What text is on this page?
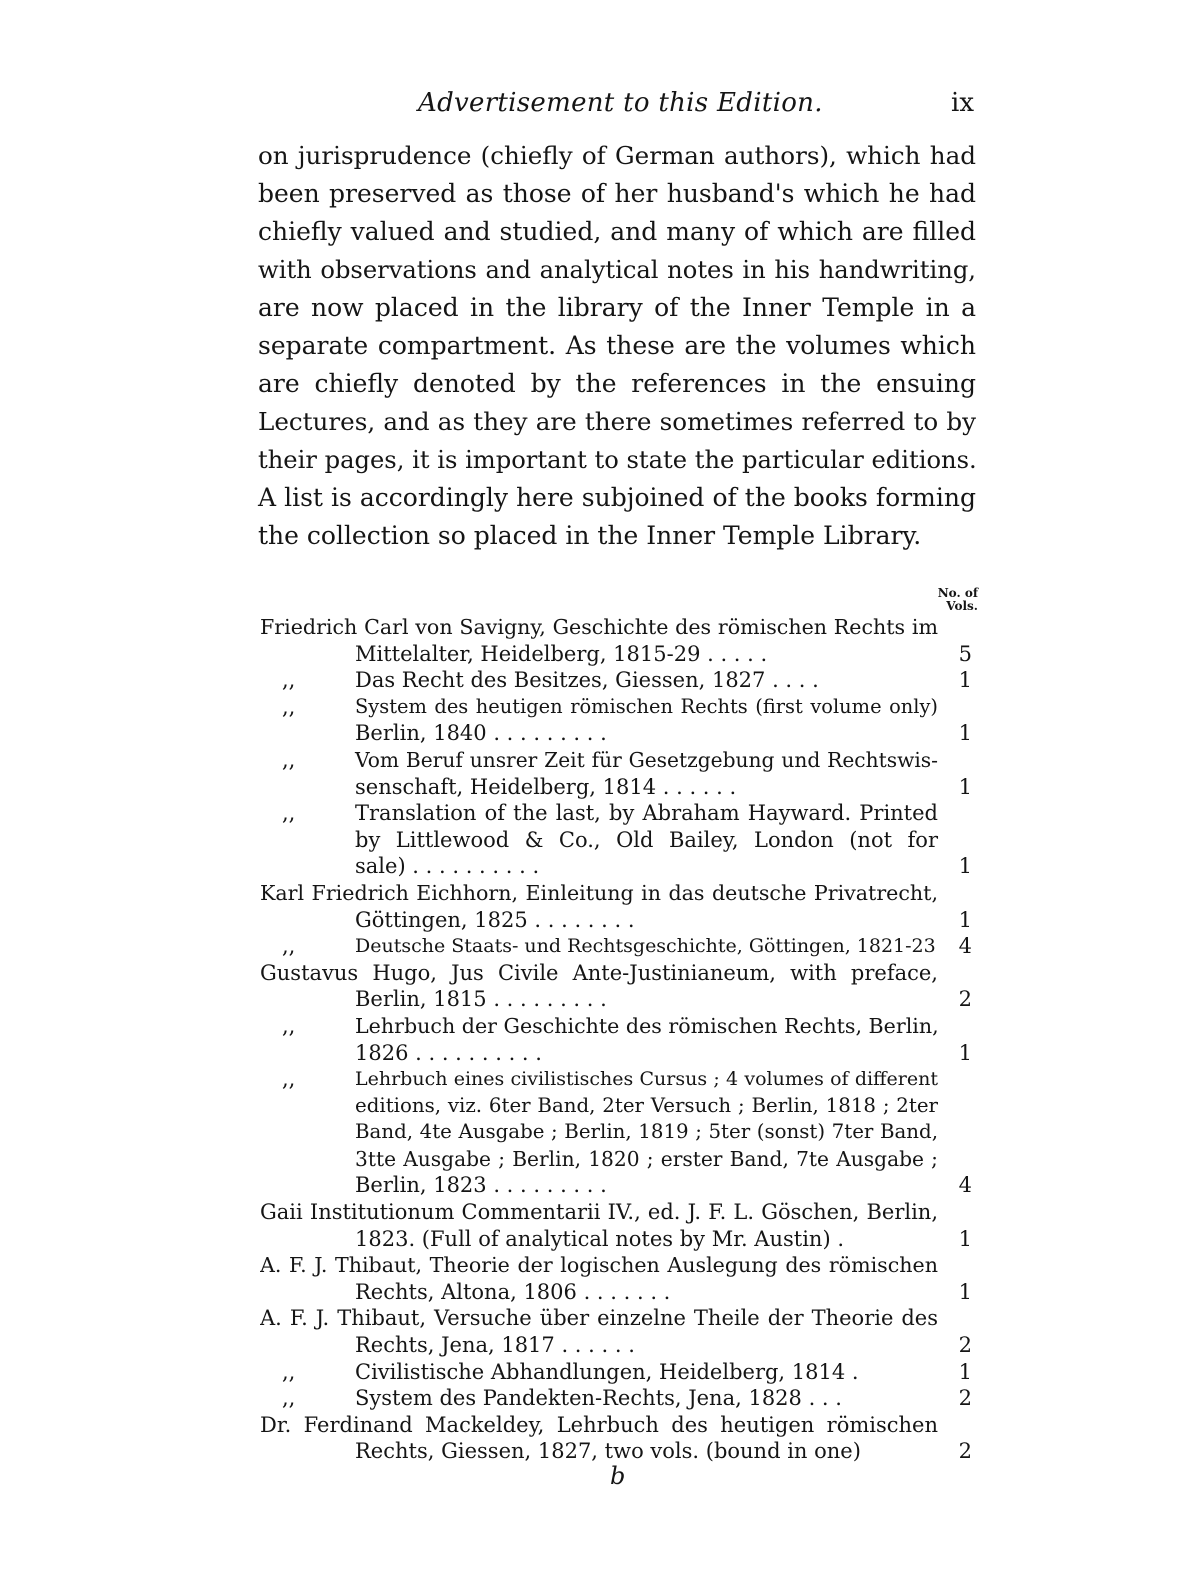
Advertisement to this Edition.	ix
on jurisprudence (chiefly of German authors), which had
been preserved as those of her husband's which he had
chiefly valued and studied, and many of which are filled
with observations and analytical notes in his handwriting,
are now placed in the library of the Inner Temple in a
separate compartment. As these are the volumes which
are chiefly denoted by the references in the ensuing
Lectures, and as they are there sometimes referred to by
their pages, it is important to state the particular editions.
A list is accordingly here subjoined of the books forming
the collection so placed in the Inner Temple Library.
No. of
Vols.
Friedrich Carl von Savigny, Geschichte des römischen Rechts im
Mittelalter, Heidelberg, 1815-29 . . . . .	5
,,	Das Recht des Besitzes, Giessen, 1827 . . . .	1
,,	System des heutigen römischen Rechts (first volume only)
Berlin, 1840 . . . . . . . . .	1
,,	Vom Beruf unsrer Zeit für Gesetzgebung und Rechtswis-
senschaft, Heidelberg, 1814 . . . . . .	1
,,	Translation of the last, by Abraham Hayward. Printed
by Littlewood & Co., Old Bailey, London (not for
sale) . . . . . . . . . .	1
Karl Friedrich Eichhorn, Einleitung in das deutsche Privatrecht,
Göttingen, 1825 . . . . . . . .	1
,,	Deutsche Staats- und Rechtsgeschichte, Göttingen, 1821-23	4
Gustavus Hugo, Jus Civile Ante-Justinianeum, with preface,
Berlin, 1815 . . . . . . . . .	2
,,	Lehrbuch der Geschichte des römischen Rechts, Berlin,
1826 . . . . . . . . . .	1
,,	Lehrbuch eines civilistisches Cursus ; 4 volumes of different
editions, viz. 6ter Band, 2ter Versuch ; Berlin, 1818 ; 2ter
Band, 4te Ausgabe ; Berlin, 1819 ; 5ter (sonst) 7ter Band,
3tte Ausgabe ; Berlin, 1820 ; erster Band, 7te Ausgabe ;
Berlin, 1823 . . . . . . . . .	4
Gaii Institutionum Commentarii IV., ed. J. F. L. Göschen, Berlin,
1823. (Full of analytical notes by Mr. Austin) .	1
A. F. J. Thibaut, Theorie der logischen Auslegung des römischen
Rechts, Altona, 1806 . . . . . . .	1
A. F. J. Thibaut, Versuche über einzelne Theile der Theorie des
Rechts, Jena, 1817 . . . . . .	2
,,	Civilistische Abhandlungen, Heidelberg, 1814 .	1
,,	System des Pandekten-Rechts, Jena, 1828 . . .	2
Dr. Ferdinand Mackeldey, Lehrbuch des heutigen römischen
Rechts, Giessen, 1827, two vols. (bound in one)	2
b
